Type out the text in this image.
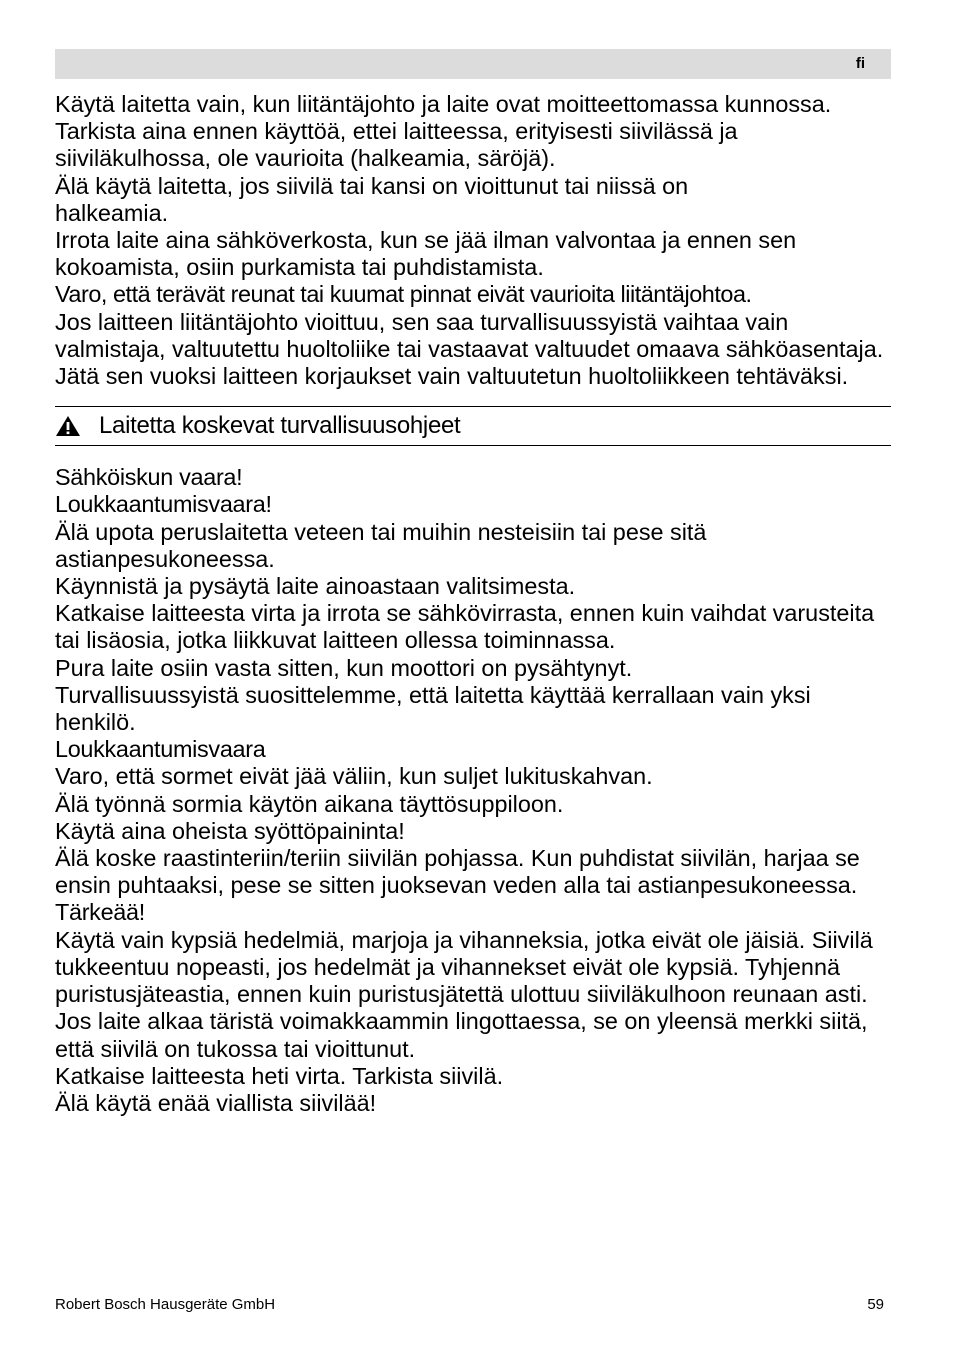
fi

Käytä laitetta vain, kun liitäntäjohto ja laite ovat moitteettomassa kunnossa. Tarkista aina ennen käyttöä, ettei laitteessa, erityisesti siivilässä ja siiviläkulhossa, ole vaurioita (halkeamia, säröjä).

Älä käytä laitetta, jos siivilä tai kansi on vioittunut tai niissä on halkeamia.

Irrota laite aina sähköverkosta, kun se jää ilman valvontaa ja ennen sen kokoamista, osiin purkamista tai puhdistamista.

Varo, että terävät reunat tai kuumat pinnat eivät vaurioita liitäntäjohtoa.

Jos laitteen liitäntäjohto vioittuu, sen saa turvallisuussyistä vaihtaa vain valmistaja, valtuutettu huoltoliike tai vastaavat valtuudet omaava sähköasentaja.

Jätä sen vuoksi laitteen korjaukset vain valtuutetun huoltoliikkeen tehtäväksi.

Laitetta koskevat turvallisuusohjeet

Sähköiskun vaara!

Loukkaantumisvaara!

Älä upota peruslaitetta veteen tai muihin nesteisiin tai pese sitä astianpesukoneessa.

Käynnistä ja pysäytä laite ainoastaan valitsimesta.

Katkaise laitteesta virta ja irrota se sähkövirrasta, ennen kuin vaihdat varusteita tai lisäosia, jotka liikkuvat laitteen ollessa toiminnassa.

Pura laite osiin vasta sitten, kun moottori on pysähtynyt.

Turvallisuussyistä suosittelemme, että laitetta käyttää kerrallaan vain yksi henkilö.

Loukkaantumisvaara

Varo, että sormet eivät jää väliin, kun suljet lukituskahvan.

Älä työnnä sormia käytön aikana täyttösuppiloon.

Käytä aina oheista syöttöpaininta!

Älä koske raastinteriin/teriin siivilän pohjassa. Kun puhdistat siivilän, harjaa se ensin puhtaaksi, pese se sitten juoksevan veden alla tai astianpesukoneessa.

Tärkeää!

Käytä vain kypsiä hedelmiä, marjoja ja vihanneksia, jotka eivät ole jäisiä. Siivilä tukkeentuu nopeasti, jos hedelmät ja vihannekset eivät ole kypsiä. Tyhjennä puristusjäteastia, ennen kuin puristusjätettä ulottuu siiviläkulhoon reunaan asti.

Jos laite alkaa täristä voimakkaammin lingottaessa, se on yleensä merkki siitä, että siivilä on tukossa tai vioittunut.

Katkaise laitteesta heti virta. Tarkista siivilä.

Älä käytä enää viallista siivilää!

Robert Bosch Hausgeräte GmbH	59
